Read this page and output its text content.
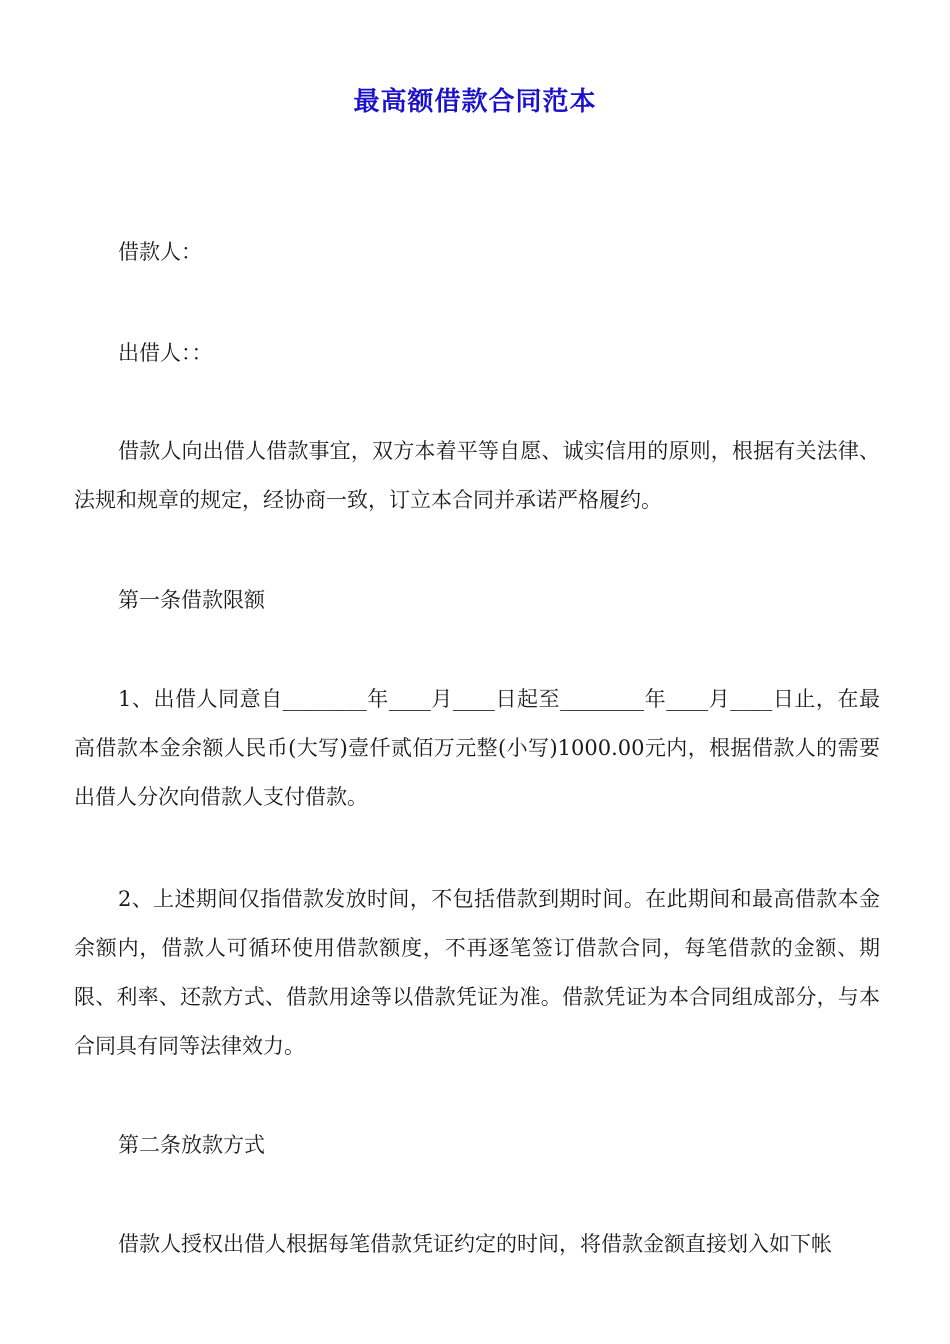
最高额借款合同范本
借款人：
出借人：：
借款人向出借人借款事宜，双方本着平等自愿、诚实信用的原则，根据有关法律、法规和规章的规定，经协商一致，订立本合同并承诺严格履约。
第一条借款限额
1、出借人同意自________年____月____日起至________年____月____日止，在最高借款本金余额人民币(大写)壹仟贰佰万元整(小写)1000.00元内，根据借款人的需要出借人分次向借款人支付借款。
2、上述期间仅指借款发放时间，不包括借款到期时间。在此期间和最高借款本金余额内，借款人可循环使用借款额度，不再逐笔签订借款合同，每笔借款的金额、期限、利率、还款方式、借款用途等以借款凭证为准。借款凭证为本合同组成部分，与本合同具有同等法律效力。
第二条放款方式
借款人授权出借人根据每笔借款凭证约定的时间，将借款金额直接划入如下帐
